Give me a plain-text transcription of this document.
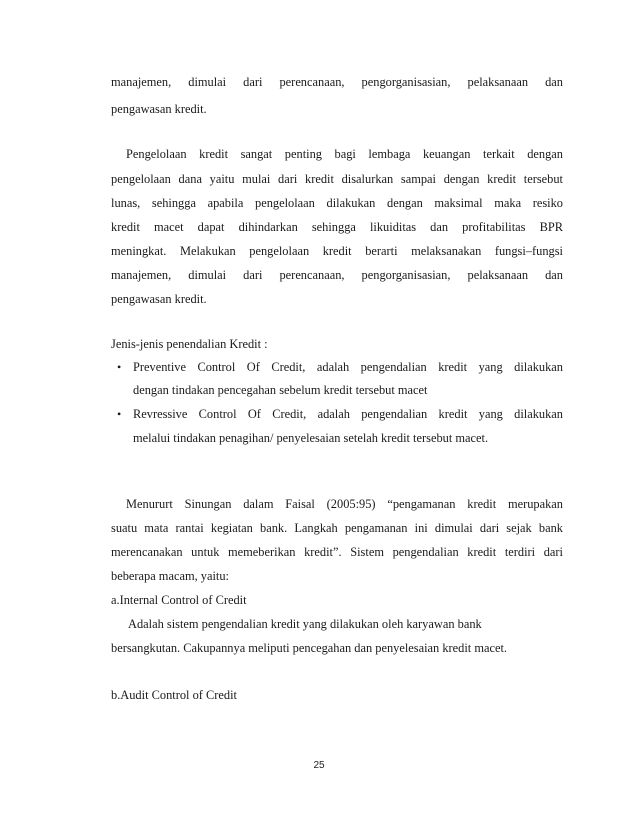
manajemen, dimulai dari perencanaan, pengorganisasian, pelaksanaan dan
pengawasan kredit.
Pengelolaan kredit sangat penting bagi lembaga keuangan terkait dengan
pengelolaan dana yaitu mulai dari kredit disalurkan sampai dengan kredit tersebut
lunas, sehingga apabila pengelolaan dilakukan dengan maksimal maka resiko
kredit macet dapat dihindarkan sehingga likuiditas dan profitabilitas BPR
meningkat. Melakukan pengelolaan kredit berarti melaksanakan fungsi–fungsi
manajemen, dimulai dari perencanaan, pengorganisasian, pelaksanaan dan
pengawasan kredit.
Jenis-jenis penendalian Kredit :
• Preventive Control Of Credit, adalah pengendalian kredit yang dilakukan
dengan tindakan pencegahan sebelum kredit tersebut macet
• Revressive Control Of Credit, adalah pengendalian kredit yang dilakukan
melalui tindakan penagihan/ penyelesaian setelah kredit tersebut macet.
Menururt Sinungan dalam Faisal (2005:95) “pengamanan kredit merupakan
suatu mata rantai kegiatan bank. Langkah pengamanan ini dimulai dari sejak bank
merencanakan untuk memeberikan kredit”. Sistem pengendalian kredit terdiri dari
beberapa macam, yaitu:
a.Internal Control of Credit
Adalah sistem pengendalian kredit yang dilakukan oleh karyawan bank
bersangkutan. Cakupannya meliputi pencegahan dan penyelesaian kredit macet.
b.Audit Control of Credit
25
